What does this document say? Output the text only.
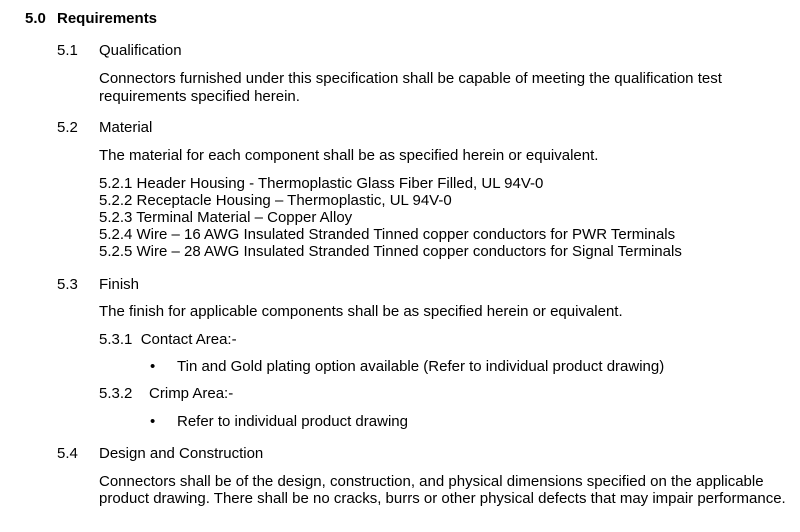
5.0 Requirements
5.1 Qualification
Connectors furnished under this specification shall be capable of meeting the qualification test requirements specified herein.
5.2 Material
The material for each component shall be as specified herein or equivalent.
5.2.1 Header Housing - Thermoplastic Glass Fiber Filled, UL 94V-0
5.2.2 Receptacle Housing – Thermoplastic, UL 94V-0
5.2.3 Terminal Material – Copper Alloy
5.2.4 Wire – 16 AWG Insulated Stranded Tinned copper conductors for PWR Terminals
5.2.5 Wire – 28 AWG Insulated Stranded Tinned copper conductors for Signal Terminals
5.3 Finish
The finish for applicable components shall be as specified herein or equivalent.
5.3.1  Contact Area:-
• Tin and Gold plating option available (Refer to individual product drawing)
5.3.2    Crimp Area:-
• Refer to individual product drawing
5.4 Design and Construction
Connectors shall be of the design, construction, and physical dimensions specified on the applicable product drawing. There shall be no cracks, burrs or other physical defects that may impair performance.
